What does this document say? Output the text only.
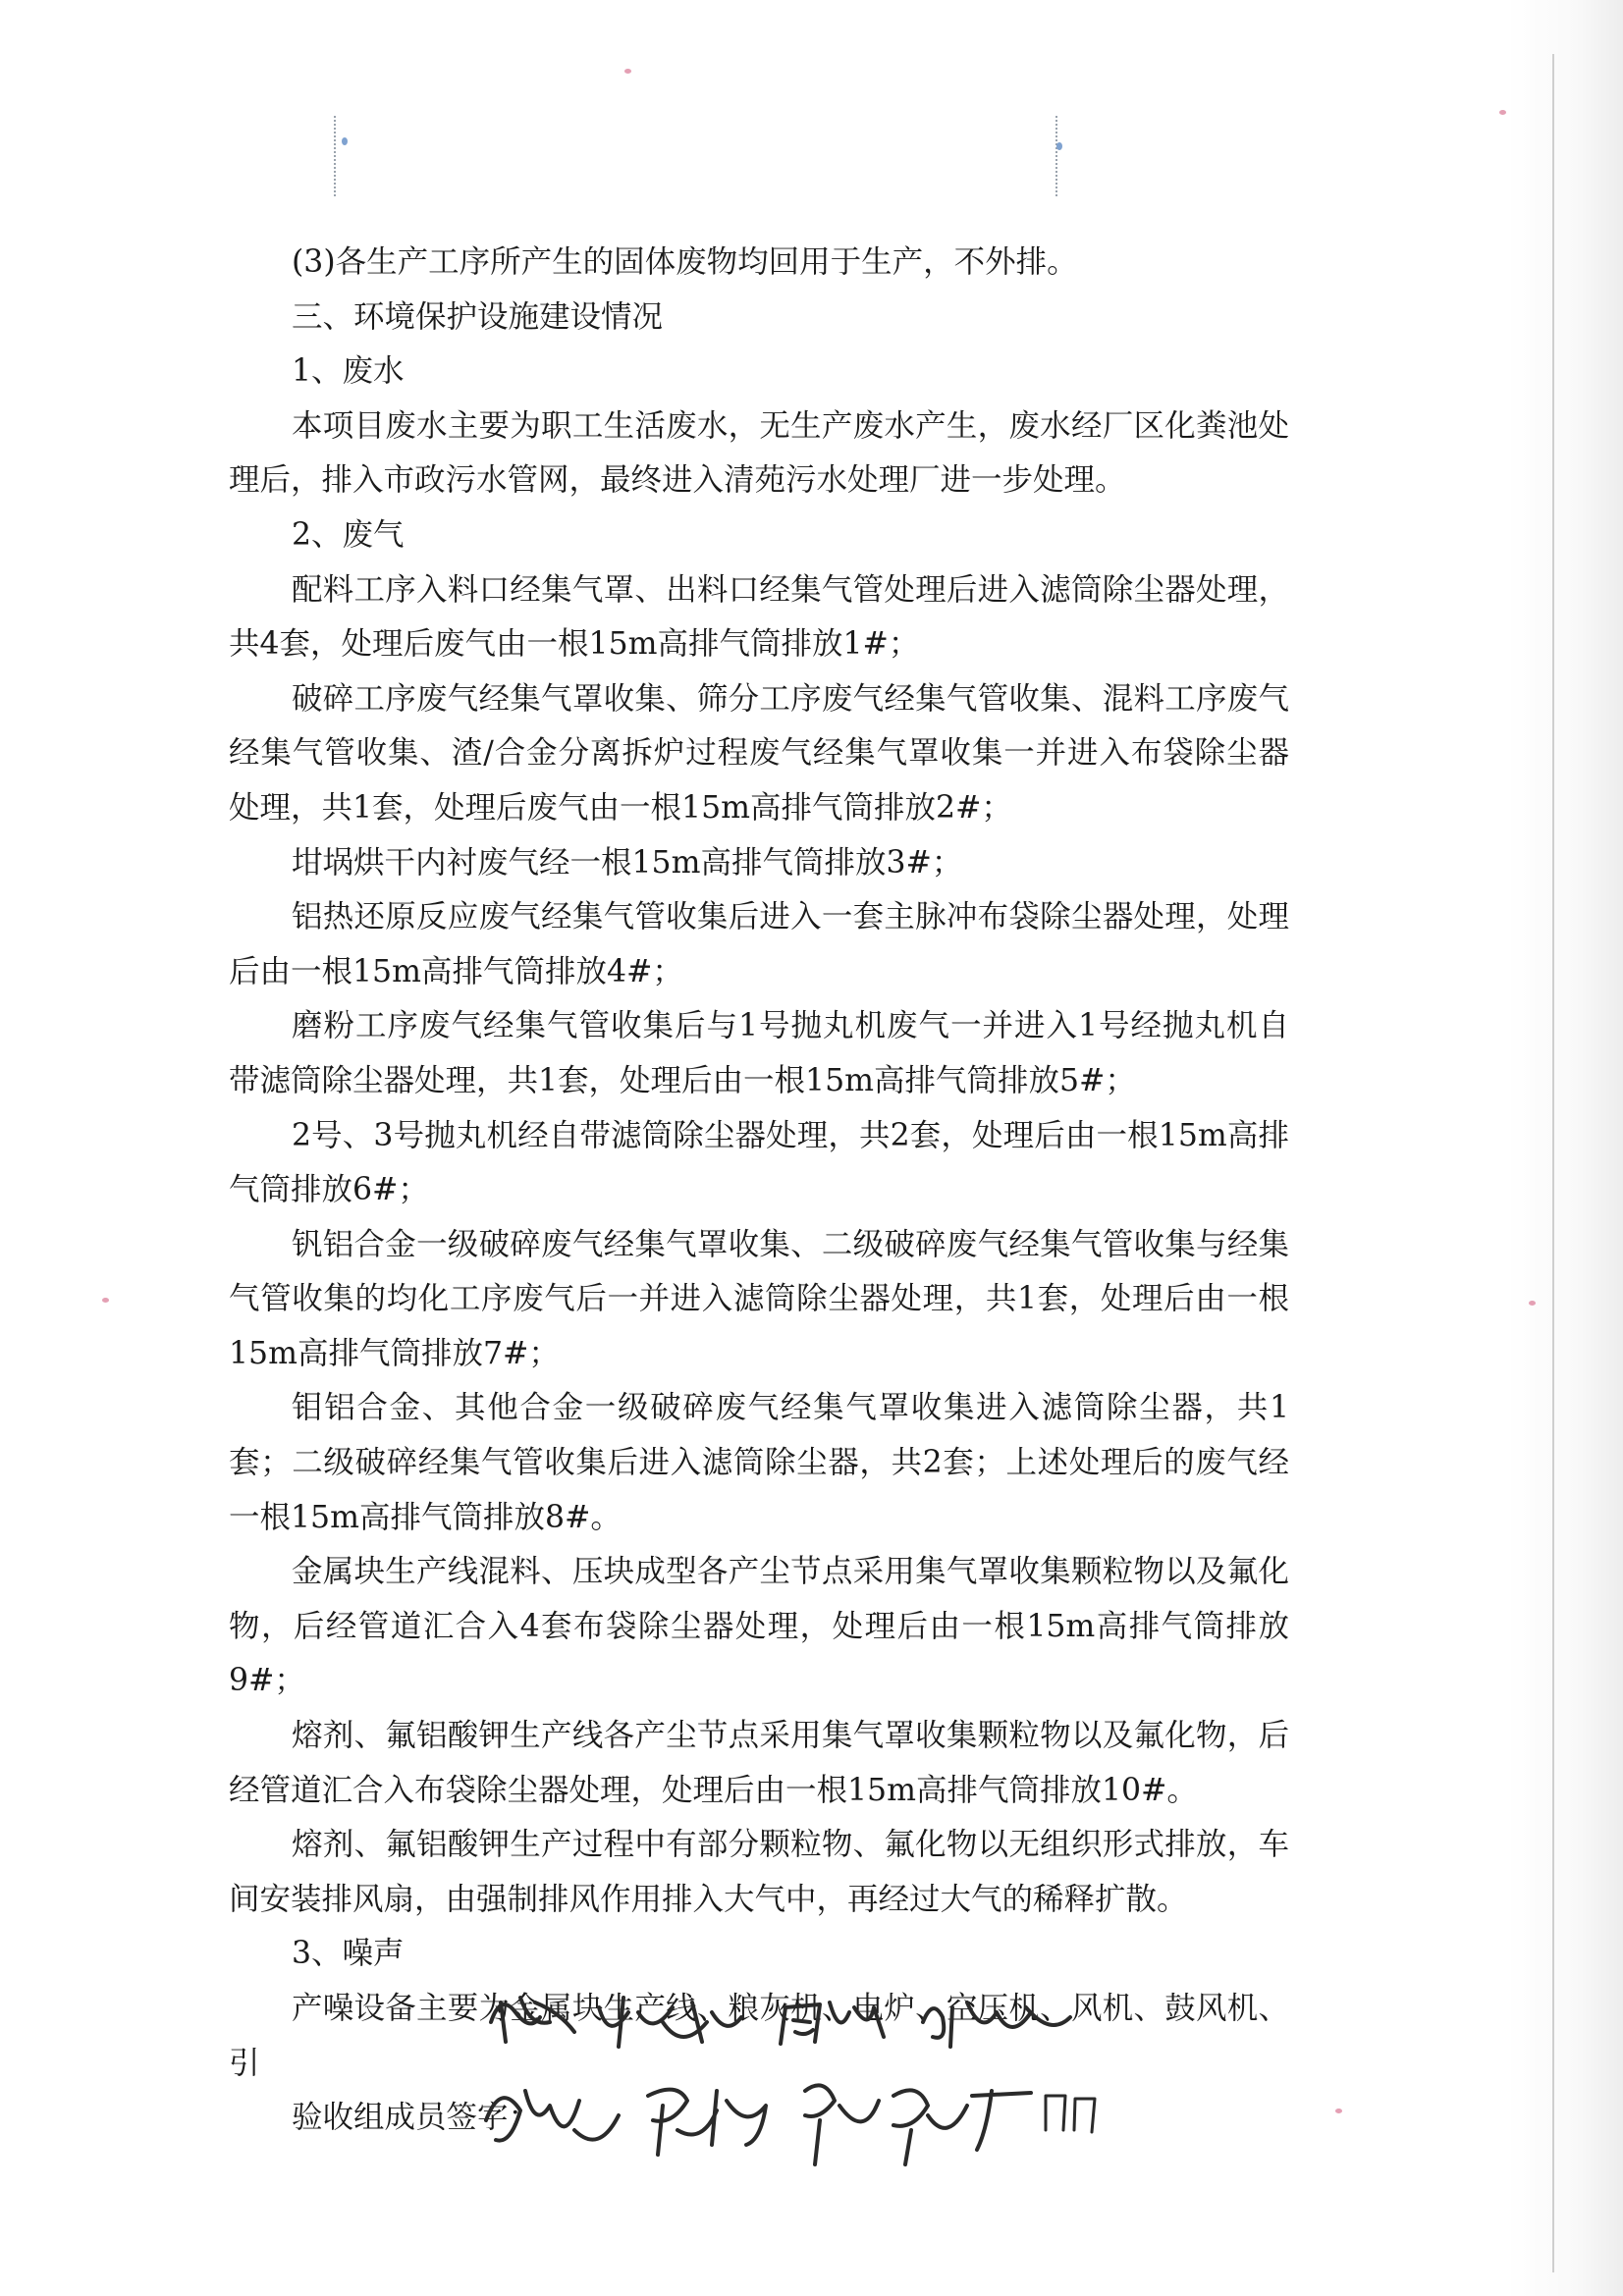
(3)各生产工序所产生的固体废物均回用于生产，不外排。

三、环境保护设施建设情况

1、废水

本项目废水主要为职工生活废水，无生产废水产生，废水经厂区化粪池处理后，排入市政污水管网，最终进入清苑污水处理厂进一步处理。

2、废气

配料工序入料口经集气罩、出料口经集气管处理后进入滤筒除尘器处理，共4套，处理后废气由一根15m高排气筒排放1#；

破碎工序废气经集气罩收集、筛分工序废气经集气管收集、混料工序废气经集气管收集、渣/合金分离拆炉过程废气经集气罩收集一并进入布袋除尘器处理，共1套，处理后废气由一根15m高排气筒排放2#；

坩埚烘干内衬废气经一根15m高排气筒排放3#；

铝热还原反应废气经集气管收集后进入一套主脉冲布袋除尘器处理，处理后由一根15m高排气筒排放4#；

磨粉工序废气经集气管收集后与1号抛丸机废气一并进入1号经抛丸机自带滤筒除尘器处理，共1套，处理后由一根15m高排气筒排放5#；

2号、3号抛丸机经自带滤筒除尘器处理，共2套，处理后由一根15m高排气筒排放6#；

钒铝合金一级破碎废气经集气罩收集、二级破碎废气经集气管收集与经集气管收集的均化工序废气后一并进入滤筒除尘器处理，共1套，处理后由一根15m高排气筒排放7#；

钼铝合金、其他合金一级破碎废气经集气罩收集进入滤筒除尘器，共1套；二级破碎经集气管收集后进入滤筒除尘器，共2套；上述处理后的废气经一根15m高排气筒排放8#。

金属块生产线混料、压块成型各产尘节点采用集气罩收集颗粒物以及氟化物，后经管道汇合入4套布袋除尘器处理，处理后由一根15m高排气筒排放9#；

熔剂、氟铝酸钾生产线各产尘节点采用集气罩收集颗粒物以及氟化物，后经管道汇合入布袋除尘器处理，处理后由一根15m高排气筒排放10#。

熔剂、氟铝酸钾生产过程中有部分颗粒物、氟化物以无组织形式排放，车间安装排风扇，由强制排风作用排入大气中，再经过大气的稀释扩散。

3、噪声

产噪设备主要为金属块生产线、粮灰机、电炉、空压机、风机、鼓风机、引

验收组成员签字：
